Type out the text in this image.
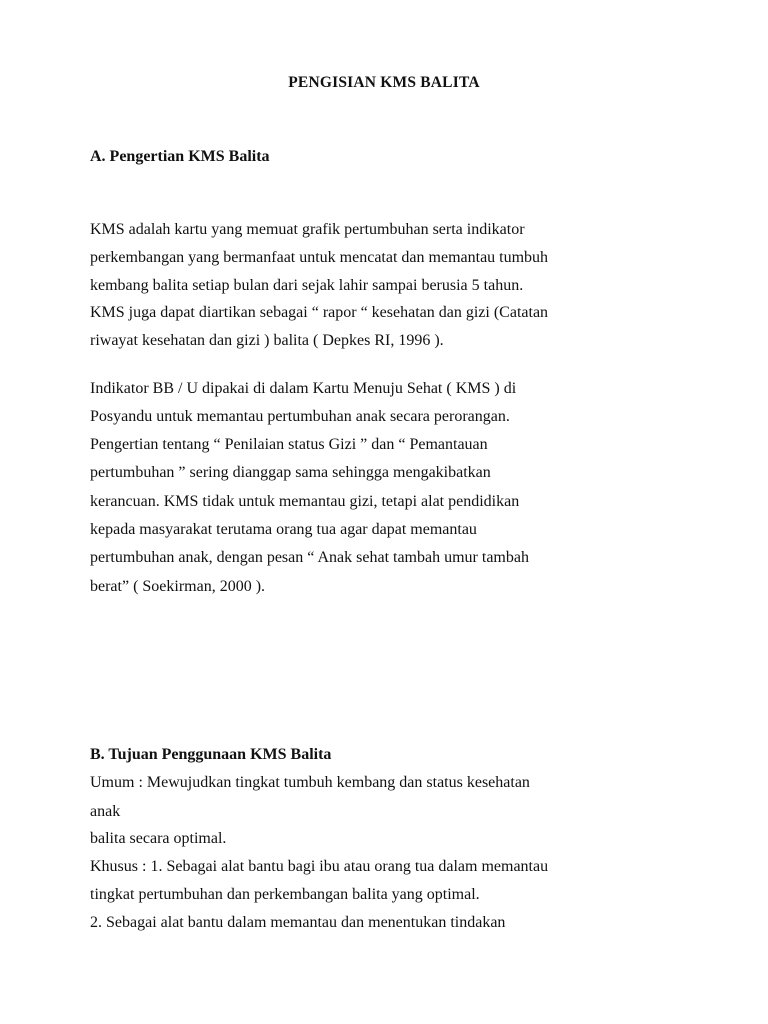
PENGISIAN KMS BALITA

A. Pengertian KMS Balita

KMS adalah kartu yang memuat grafik pertumbuhan serta indikator

perkembangan yang bermanfaat untuk mencatat dan memantau tumbuh

kembang balita setiap bulan dari sejak lahir sampai berusia 5 tahun.

KMS juga dapat diartikan sebagai “ rapor “ kesehatan dan gizi (Catatan

riwayat kesehatan dan gizi ) balita ( Depkes RI, 1996 ).

Indikator BB / U dipakai di dalam Kartu Menuju Sehat ( KMS ) di

Posyandu untuk memantau pertumbuhan anak secara perorangan.

Pengertian tentang “ Penilaian status Gizi ” dan “ Pemantauan

pertumbuhan ” sering dianggap sama sehingga mengakibatkan

kerancuan. KMS tidak untuk memantau gizi, tetapi alat pendidikan

kepada masyarakat terutama orang tua agar dapat memantau

pertumbuhan anak, dengan pesan “ Anak sehat tambah umur tambah

berat” ( Soekirman, 2000 ).

B. Tujuan Penggunaan KMS Balita

Umum : Mewujudkan tingkat tumbuh kembang dan status kesehatan

anak

balita secara optimal.

Khusus : 1. Sebagai alat bantu bagi ibu atau orang tua dalam memantau

tingkat pertumbuhan dan perkembangan balita yang optimal.

2. Sebagai alat bantu dalam memantau dan menentukan tindakan
